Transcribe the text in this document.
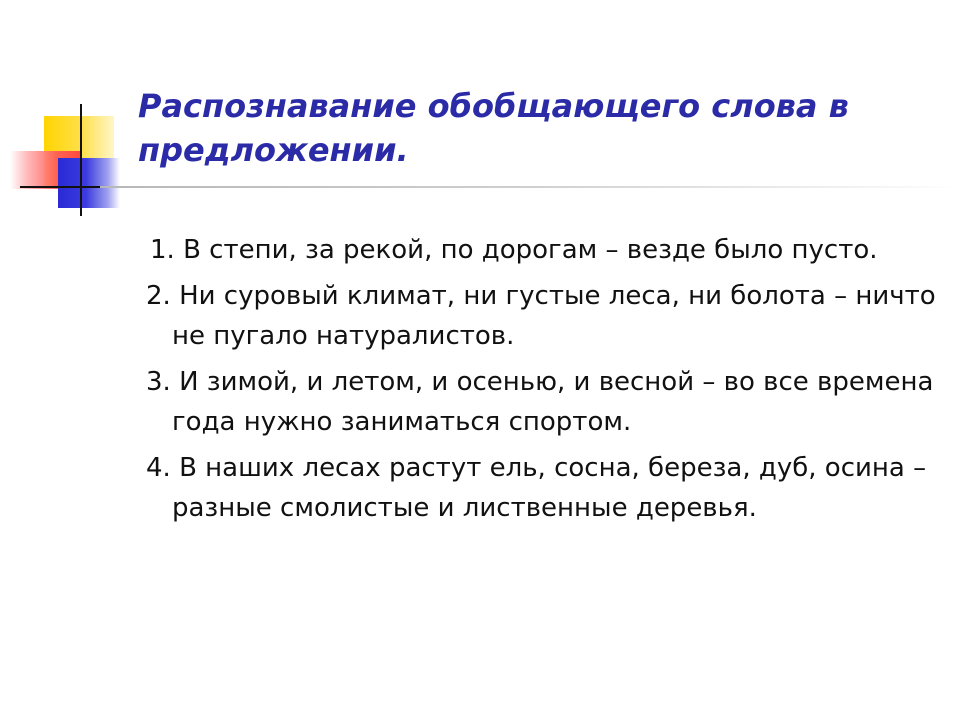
Распознавание обобщающего слова в предложении.
1. В степи, за рекой, по дорогам – везде было пусто.
2. Ни суровый климат, ни густые леса, ни болота – ничто не пугало натуралистов.
3. И зимой, и летом, и осенью, и весной – во все времена года нужно заниматься спортом.
4. В наших лесах растут ель, сосна, береза, дуб, осина – разные смолистые и лиственные деревья.
